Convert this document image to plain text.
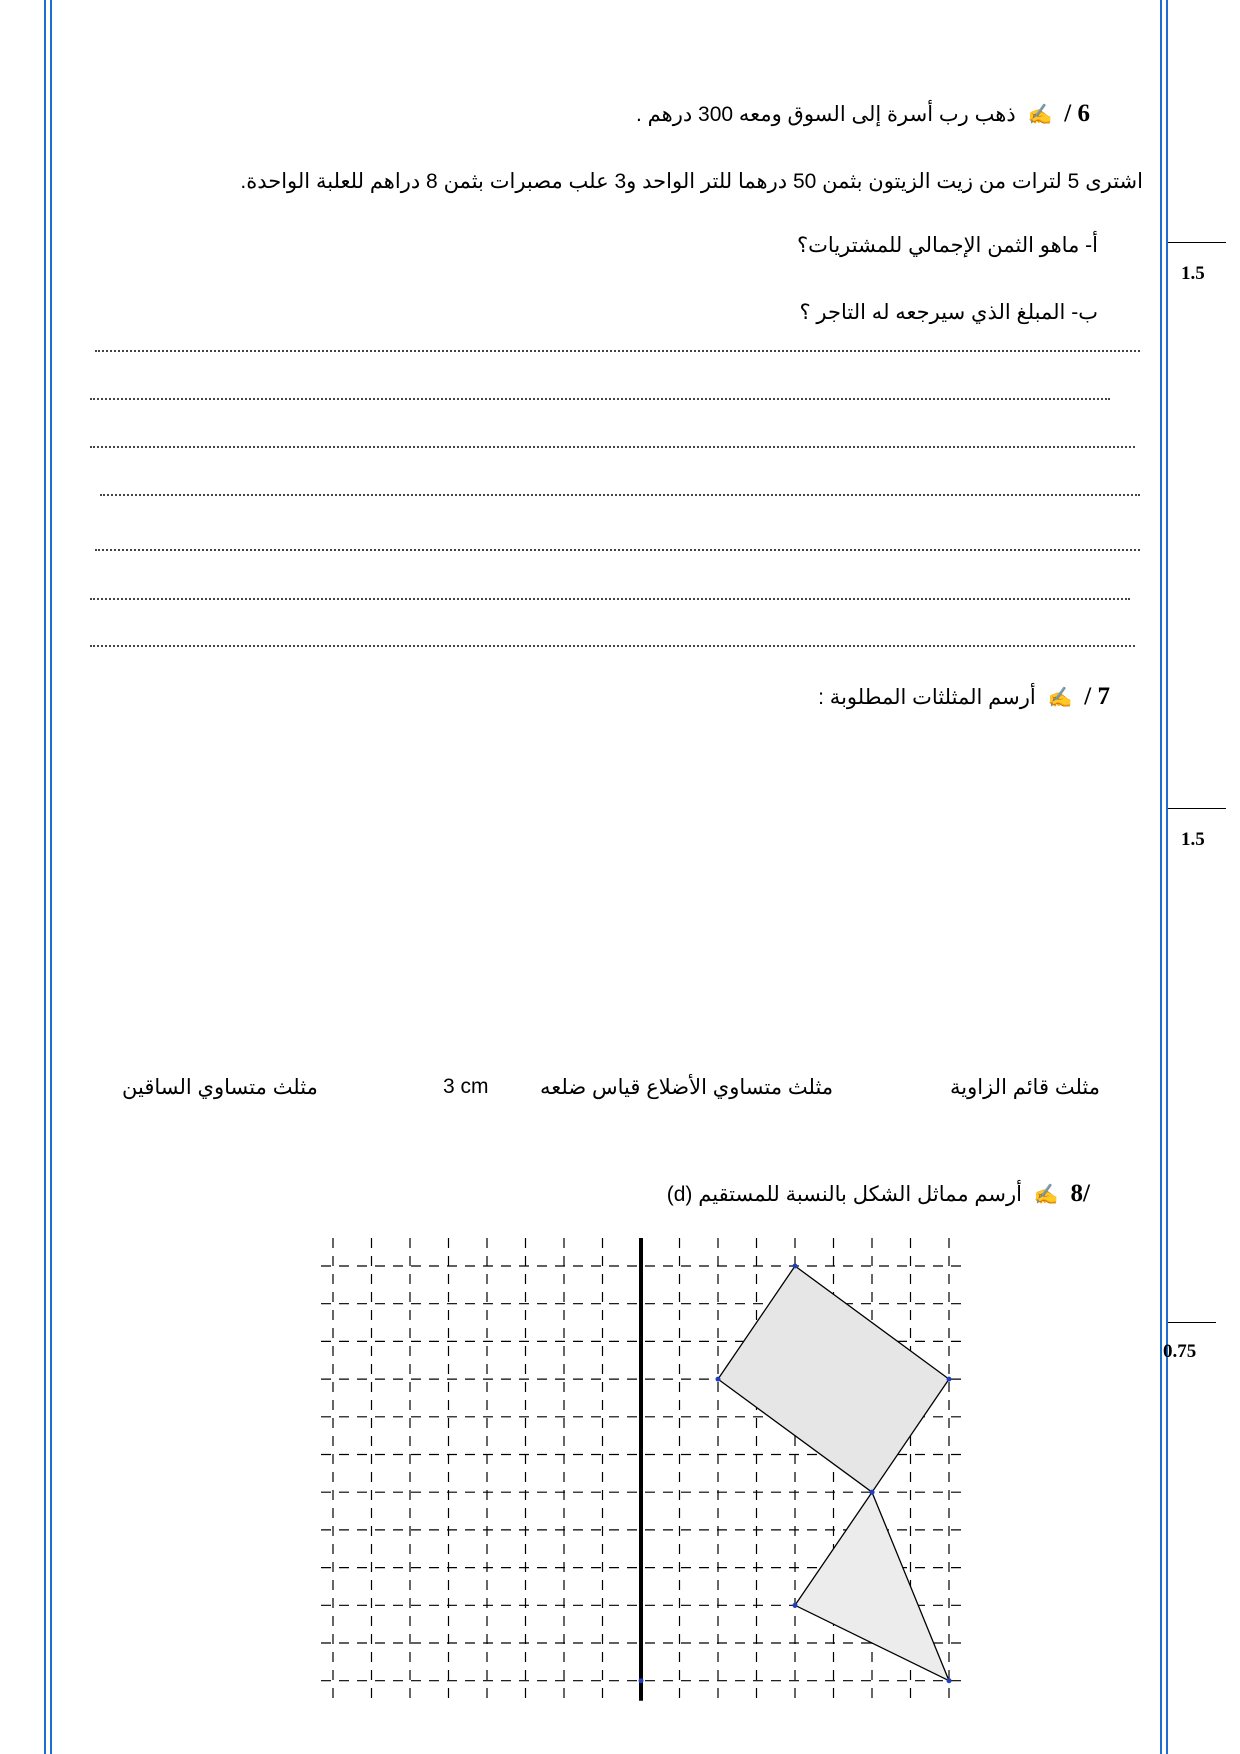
6 / ✍ ذهب رب أسرة إلى السوق ومعه 300 درهم .
اشترى 5 لترات من زيت الزيتون بثمن 50 درهما للتر الواحد و3 علب مصبرات بثمن 8 دراهم للعلبة الواحدة.
أ- ماهو الثمن الإجمالي للمشتريات؟
ب- المبلغ الذي سيرجعه له التاجر ؟
1.5
7 / ✍ أرسم المثلثات المطلوبة :
1.5
مثلث قائم الزاوية
3 cm مثلث متساوي الأضلاع قياس ضلعه
مثلث متساوي الساقين
/8 ✍ أرسم مماثل الشكل بالنسبة للمستقيم (d)
0.75
